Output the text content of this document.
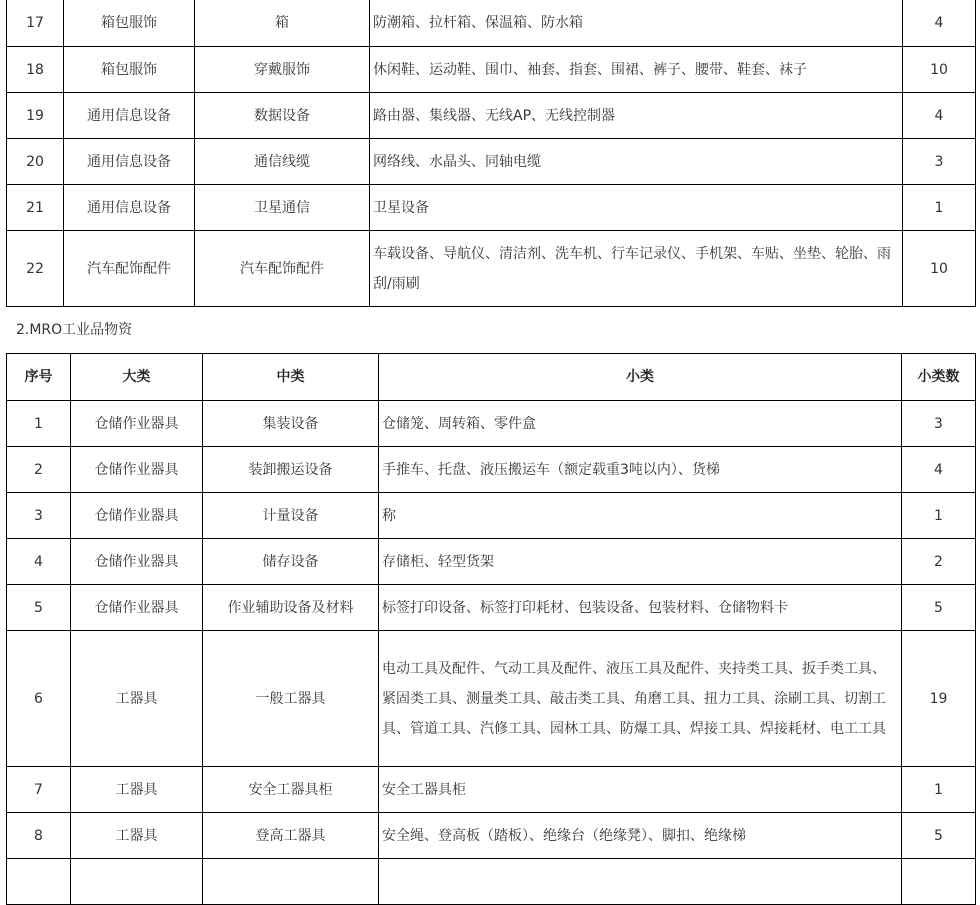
17	箱包服饰	箱	防潮箱、拉杆箱、保温箱、防水箱	4
18	箱包服饰	穿戴服饰	休闲鞋、运动鞋、围巾、袖套、指套、围裙、裤子、腰带、鞋套、袜子	10
19	通用信息设备	数据设备	路由器、集线器、无线AP、无线控制器	4
20	通用信息设备	通信线缆	网络线、水晶头、同轴电缆	3
21	通用信息设备	卫星通信	卫星设备	1
22	汽车配饰配件	汽车配饰配件	车载设备、导航仪、清洁剂、洗车机、行车记录仪、手机架、车贴、坐垫、轮胎、雨刮/雨刷	10
2.MRO工业品物资
序号	大类	中类	小类	小类数
1	仓储作业器具	集装设备	仓储笼、周转箱、零件盒	3
2	仓储作业器具	装卸搬运设备	手推车、托盘、液压搬运车（额定载重3吨以内）、货梯	4
3	仓储作业器具	计量设备	称	1
4	仓储作业器具	储存设备	存储柜、轻型货架	2
5	仓储作业器具	作业辅助设备及材料	标签打印设备、标签打印耗材、包装设备、包装材料、仓储物料卡	5
6	工器具	一般工器具	电动工具及配件、气动工具及配件、液压工具及配件、夹持类工具、扳手类工具、紧固类工具、测量类工具、敲击类工具、角磨工具、扭力工具、涂刷工具、切割工具、管道工具、汽修工具、园林工具、防爆工具、焊接工具、焊接耗材、电工工具	19
7	工器具	安全工器具柜	安全工器具柜	1
8	工器具	登高工器具	安全绳、登高板（踏板）、绝缘台（绝缘凳）、脚扣、绝缘梯	5
